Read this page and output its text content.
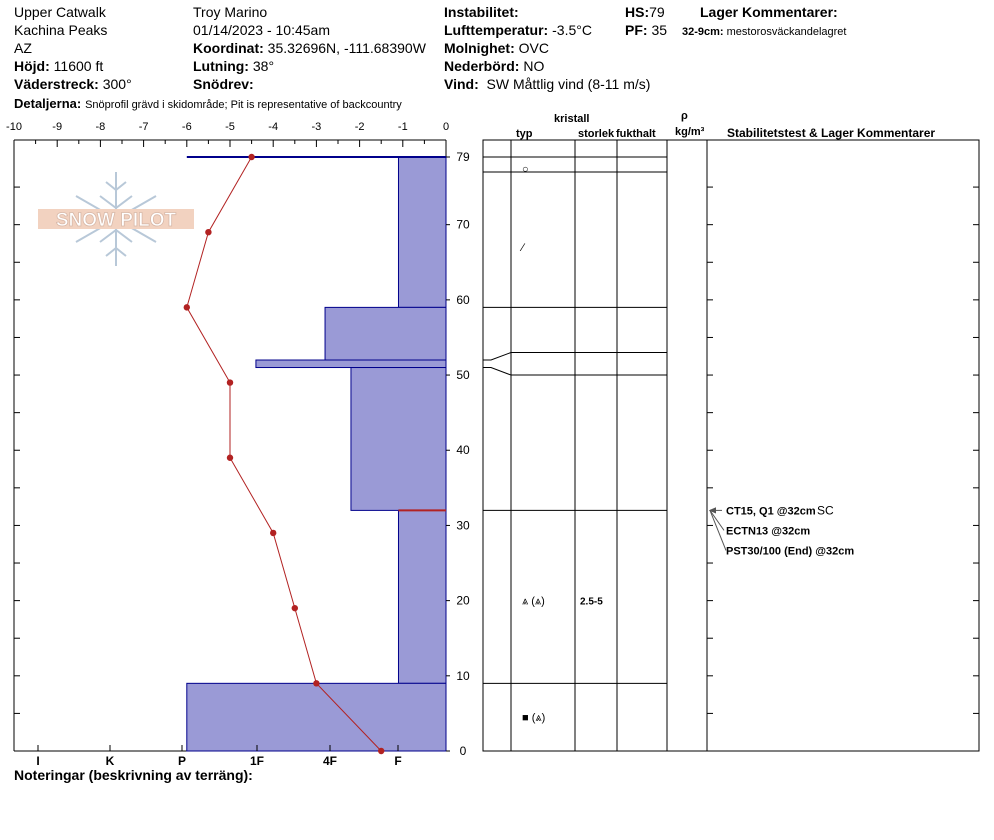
Upper Catwalk
Kachina Peaks
AZ
Höjd: 11600 ft
Väderstreck: 300°
Troy Marino
01/14/2023 - 10:45am
Koordinat: 35.32696N, -111.68390W
Lutning: 38°
Snödrev:
Instabilitet:
Lufttemperatur: -3.5°C
Molnighet: OVC
Nederbörd: NO
Vind: SW Måttlig vind (8-11 m/s)
HS:79
PF: 35
Lager Kommentarer:
32-9cm: mestorosväckandelagret
Detaljerna: Snöprofil grävd i skidområde; Pit is representative of backcountry
kristall
typ	storlek fukthalt
ρ
kg/m³ Stabilitetstest & Lager Kommentarer
SNOW PILOT
-10	-9	-8	-7	-6	-5	-4	-3	-2	-1	0
I	K	P	1F	4F	F
0
10
20
30
40
50
60
70
79
○
∕
⩓ (⩓)	2.5-5
■ (⩓)
CT15, Q1 @32cm SC
ECTN13 @32cm
PST30/100 (End) @32cm
Noteringar (beskrivning av terräng):
